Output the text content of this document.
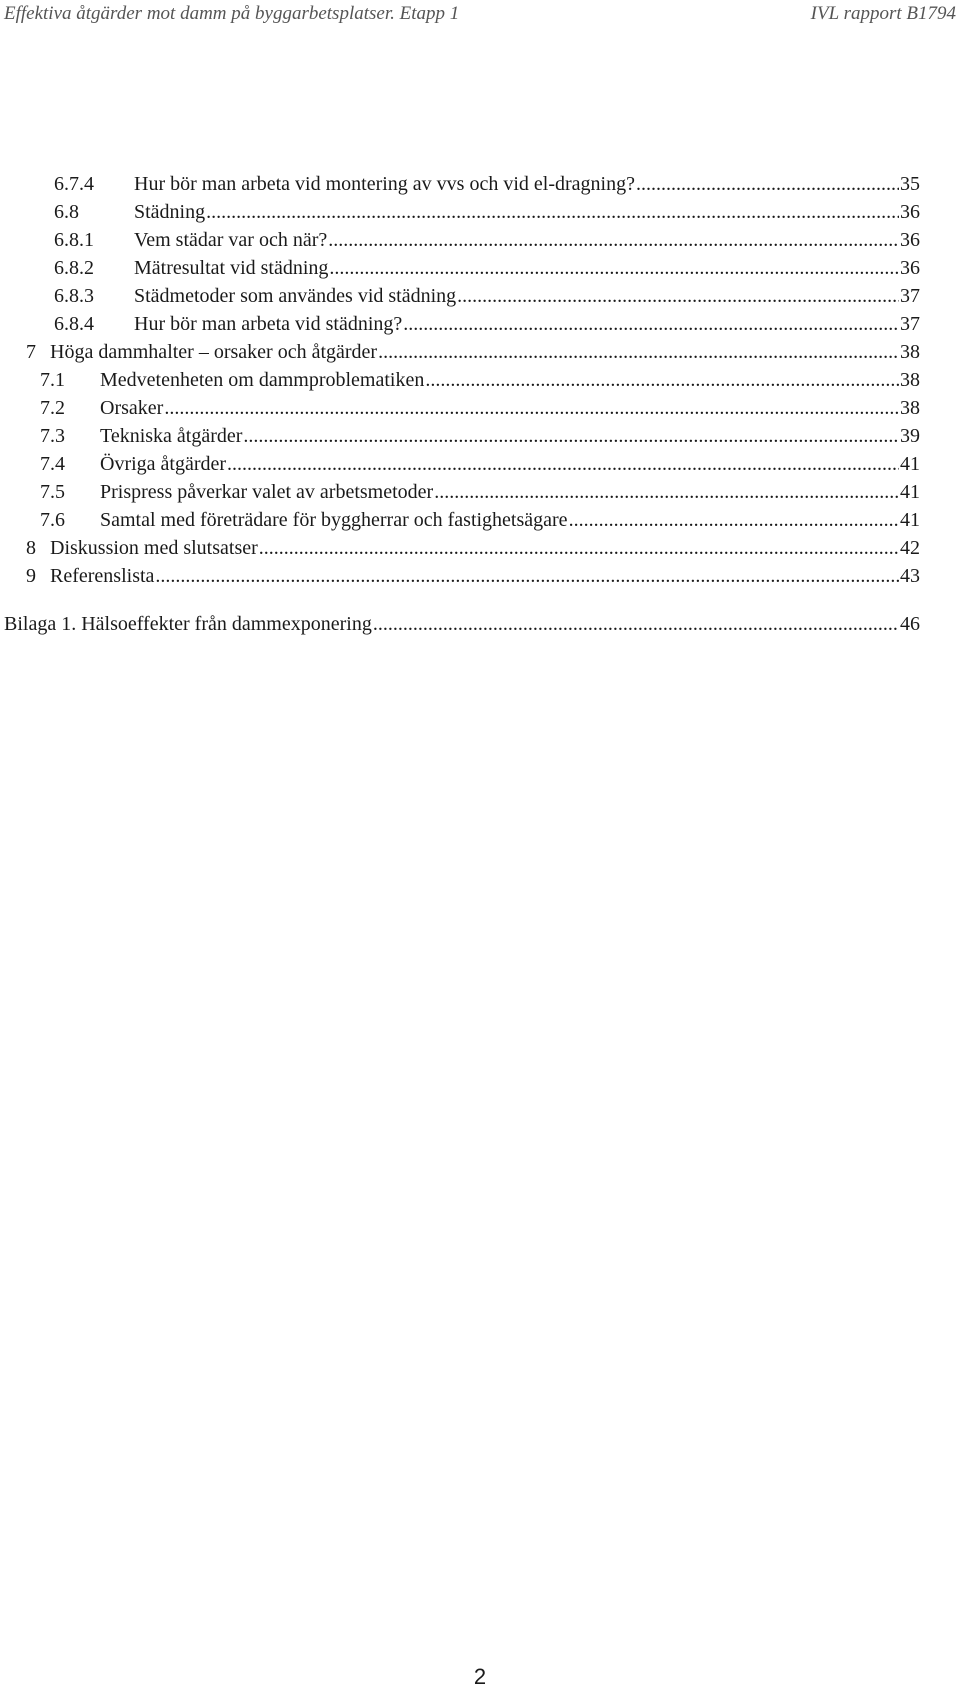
Effektiva åtgärder mot damm på byggarbetsplatser. Etapp 1	IVL rapport B1794
6.7.4	Hur bör man arbeta vid montering av vvs och vid el-dragning? .....	35
6.8	Städning .....	36
6.8.1	Vem städar var och när? .....	36
6.8.2	Mätresultat vid städning .....	36
6.8.3	Städmetoder som användes vid städning .....	37
6.8.4	Hur bör man arbeta vid städning? .....	37
7 Höga dammhalter – orsaker och åtgärder .....	38
7.1	Medvetenheten om dammproblematiken .....	38
7.2	Orsaker .....	38
7.3	Tekniska åtgärder .....	39
7.4	Övriga åtgärder .....	41
7.5	Prispress påverkar valet av arbetsmetoder .....	41
7.6	Samtal med företrädare för byggherrar och fastighetsägare .....	41
8 Diskussion med slutsatser .....	42
9 Referenslista .....	43
Bilaga 1. Hälsoeffekter från dammexponering .....	46
2
